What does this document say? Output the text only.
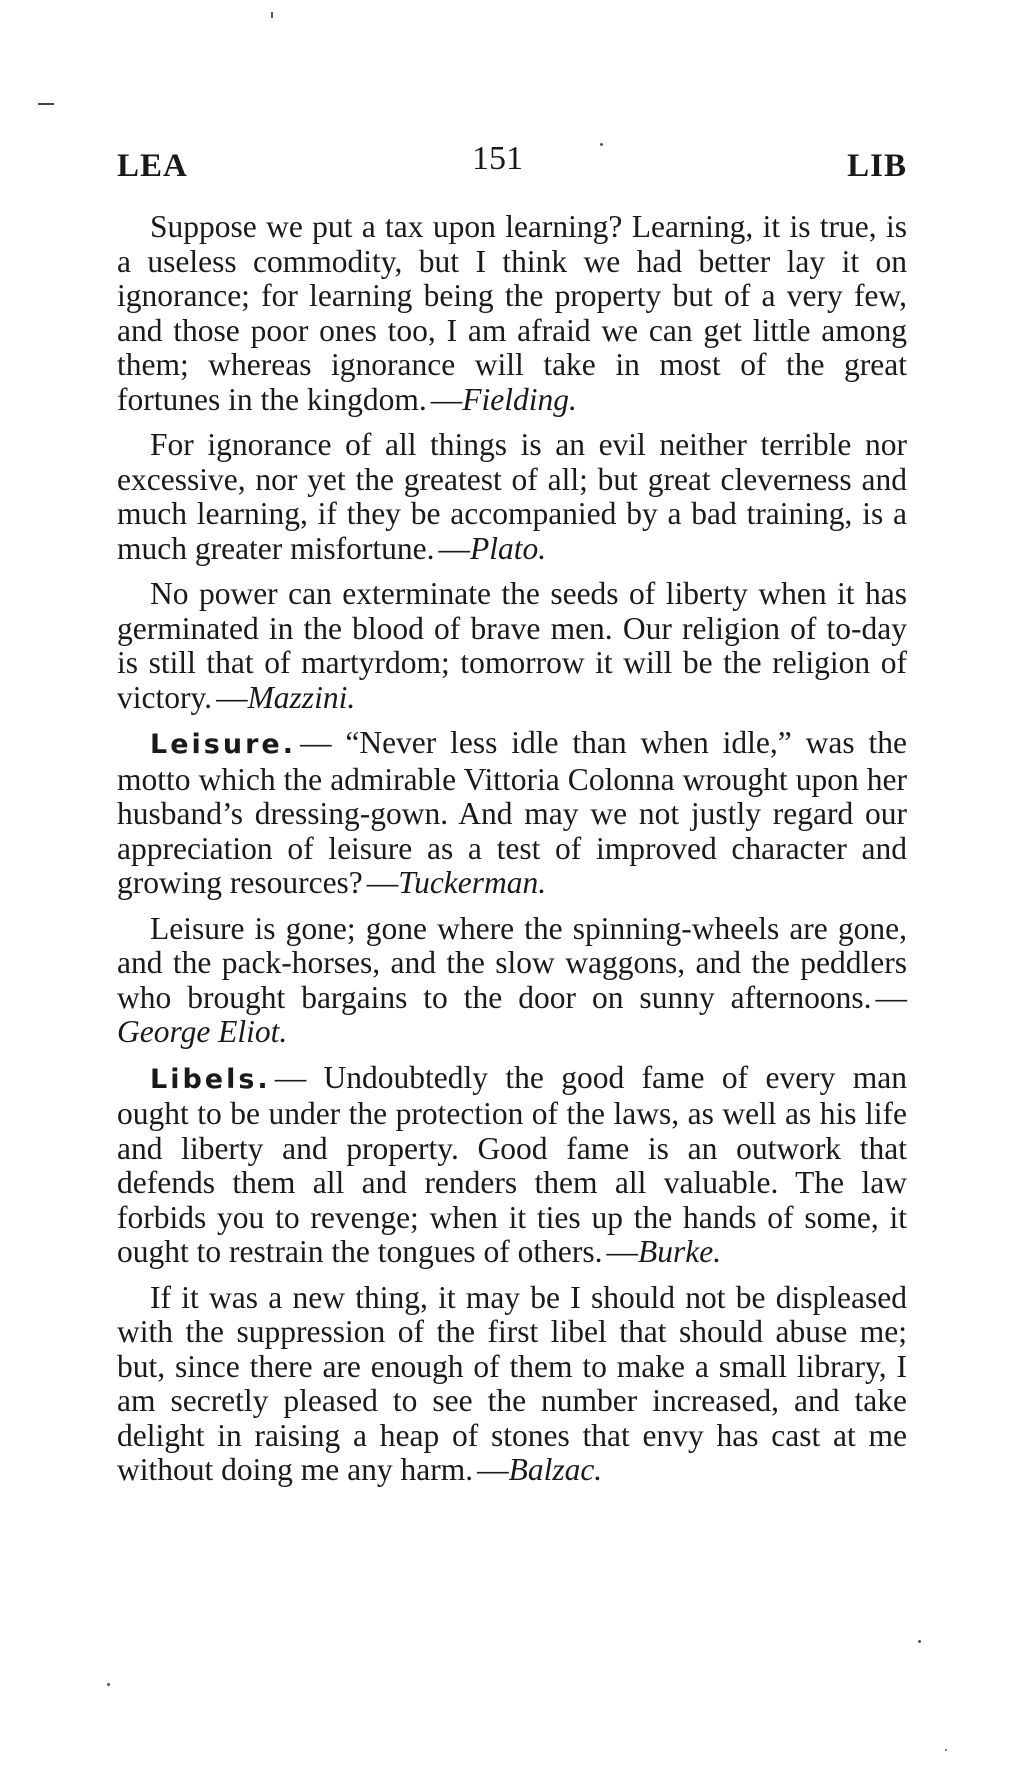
LEA	151	LIB

Suppose we put a tax upon learning? Learning, it is true, is a useless commodity, but I think we had better lay it on ignorance; for learning being the property but of a very few, and those poor ones too, I am afraid we can get little among them; whereas ignorance will take in most of the great fortunes in the kingdom. —Fielding.

For ignorance of all things is an evil neither terrible nor excessive, nor yet the greatest of all; but great cleverness and much learning, if they be accompanied by a bad training, is a much greater misfortune. —Plato.

No power can exterminate the seeds of liberty when it has germinated in the blood of brave men. Our religion of to-day is still that of martyrdom; tomorrow it will be the religion of victory. —Mazzini.

Leisure. — “Never less idle than when idle,” was the motto which the admirable Vittoria Colonna wrought upon her husband’s dressing-gown. And may we not justly regard our appreciation of leisure as a test of improved character and growing resources? —Tuckerman.

Leisure is gone; gone where the spinning-wheels are gone, and the pack-horses, and the slow waggons, and the peddlers who brought bargains to the door on sunny afternoons. —George Eliot.

Libels. — Undoubtedly the good fame of every man ought to be under the protection of the laws, as well as his life and liberty and property. Good fame is an outwork that defends them all and renders them all valuable. The law forbids you to revenge; when it ties up the hands of some, it ought to restrain the tongues of others. —Burke.

If it was a new thing, it may be I should not be displeased with the suppression of the first libel that should abuse me; but, since there are enough of them to make a small library, I am secretly pleased to see the number increased, and take delight in raising a heap of stones that envy has cast at me without doing me any harm. —Balzac.
